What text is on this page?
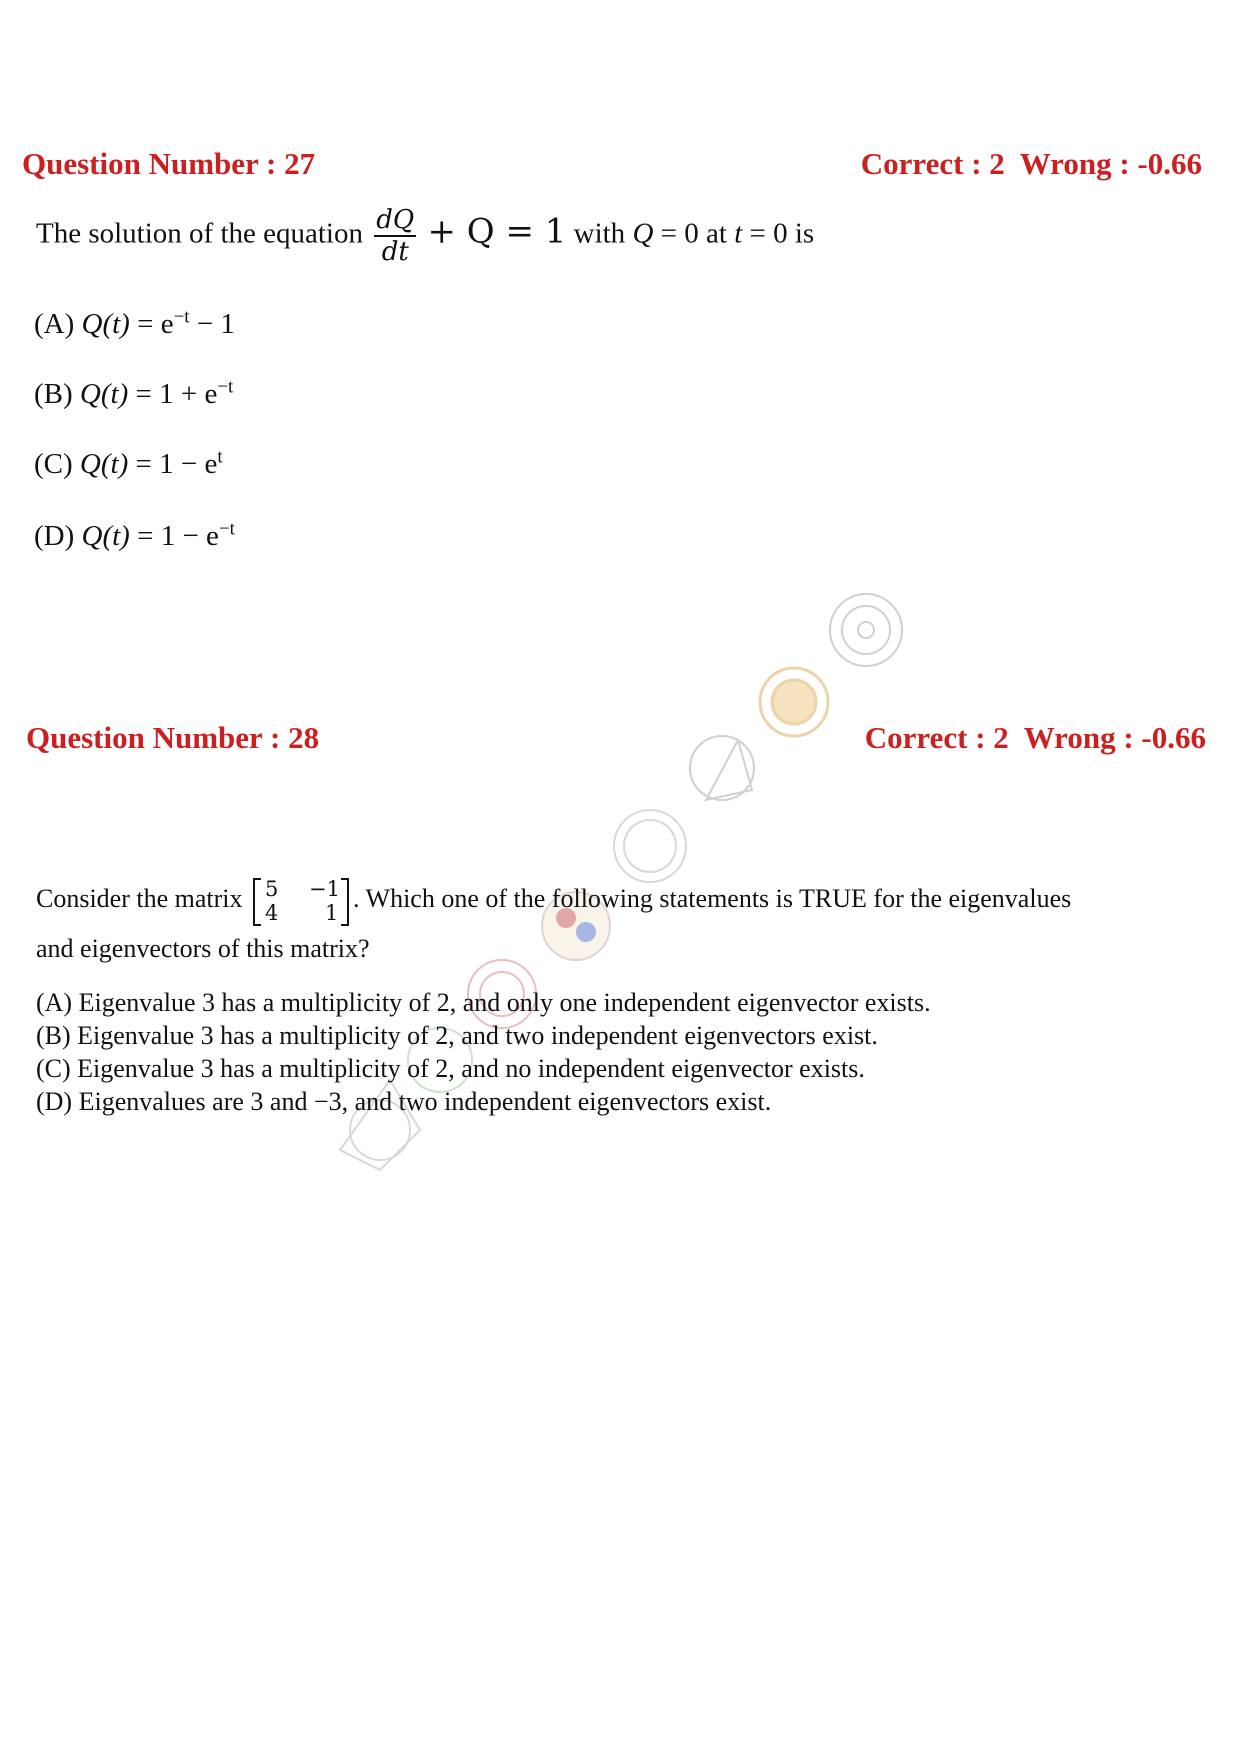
Question Number : 27	Correct : 2  Wrong : -0.66
The solution of the equation $\frac{dQ}{dt} + Q = 1$ with Q = 0 at t = 0 is
(A) $Q(t) = e^{-t} - 1$
(B) $Q(t) = 1 + e^{-t}$
(C) $Q(t) = 1 - e^t$
(D) $Q(t) = 1 - e^{-t}$
Question Number : 28	Correct : 2  Wrong : -0.66
Consider the matrix 5 −1
4 1
. Which one of the following statements is TRUE for the eigenvalues
and eigenvectors of this matrix?
(A) Eigenvalue 3 has a multiplicity of 2, and only one independent eigenvector exists.
(B) Eigenvalue 3 has a multiplicity of 2, and two independent eigenvectors exist.
(C) Eigenvalue 3 has a multiplicity of 2, and no independent eigenvector exists.
(D) Eigenvalues are 3 and −3, and two independent eigenvectors exist.
